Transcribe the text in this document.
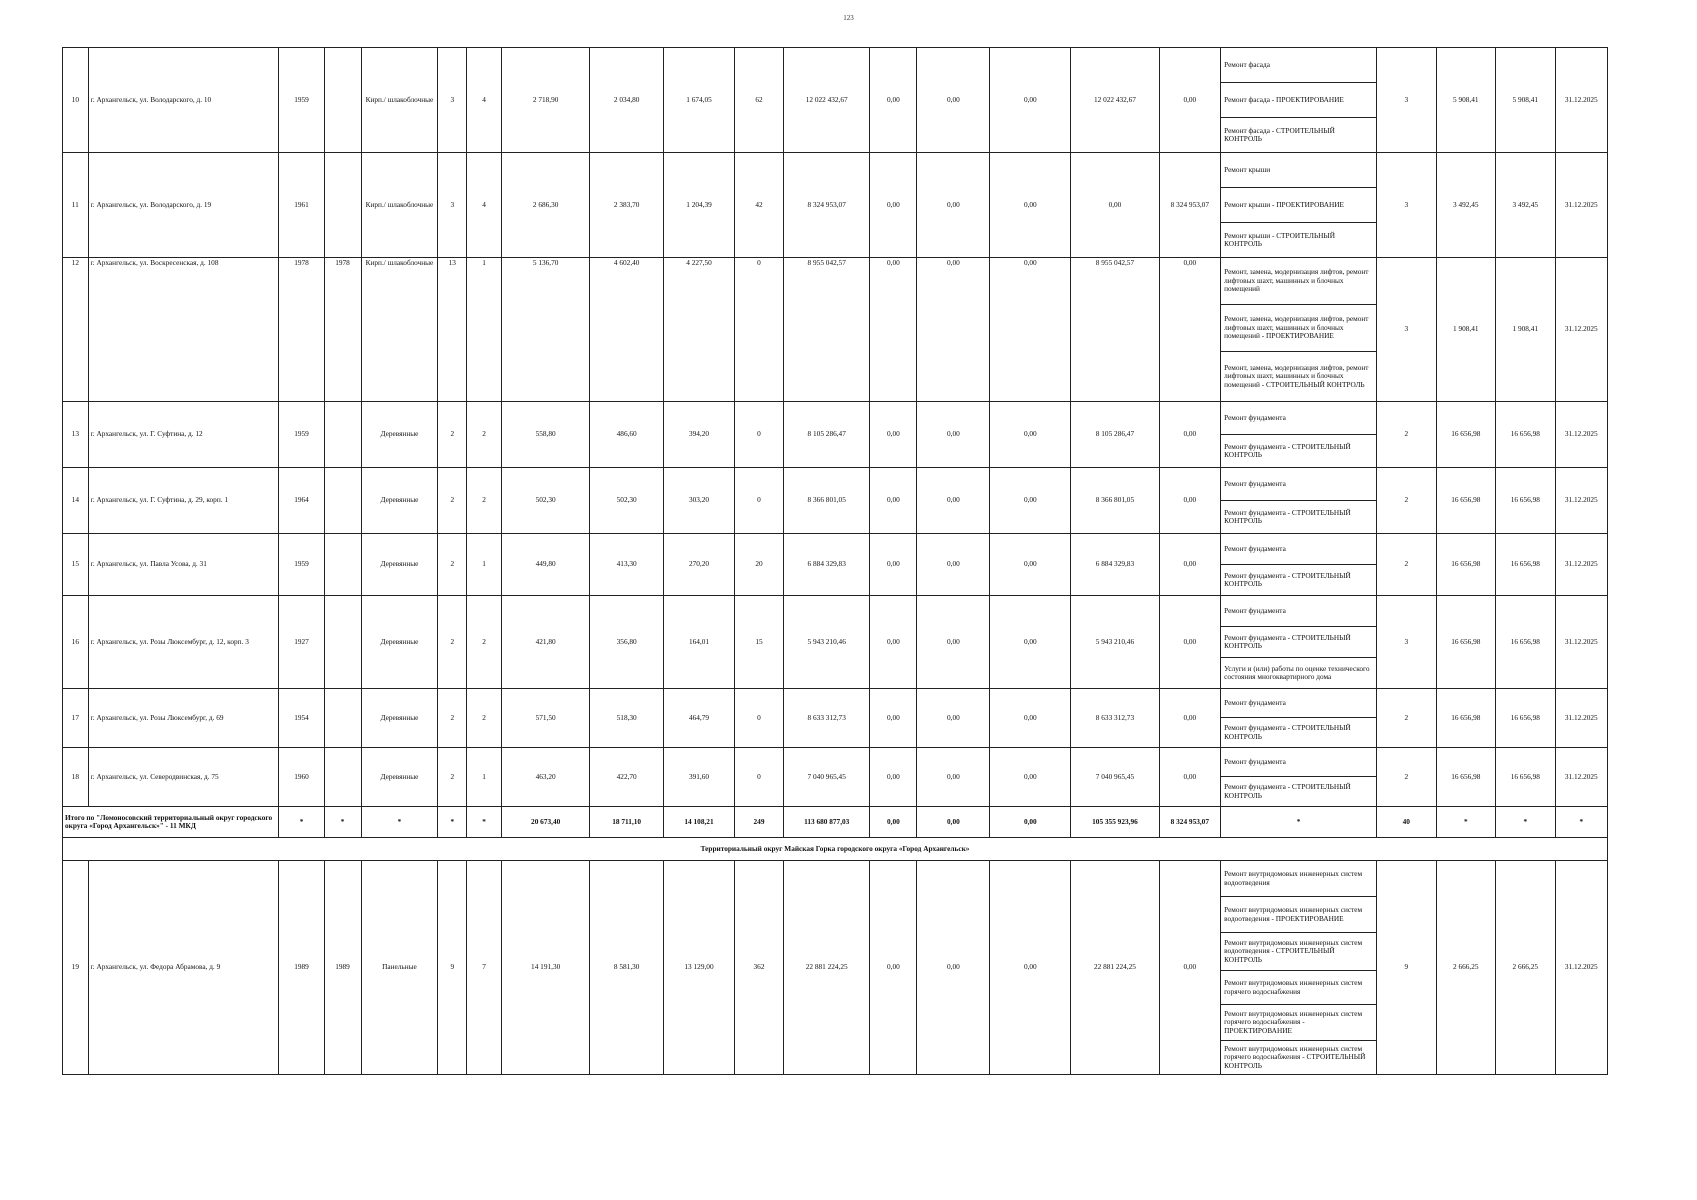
123
10	г. Архангельск, ул. Володарского, д. 10	1959		Кирп./ шлакоблочные	3	4	2 718,90	2 034,80	1 674,05	62	12 022 432,67	0,00	0,00	0,00	12 022 432,67	0,00	Ремонт фасада	3	5 908,41	5 908,41	31.12.2025
																	Ремонт фасада - ПРОЕКТИРОВАНИЕ				
																	Ремонт фасада - СТРОИТЕЛЬНЫЙ КОНТРОЛЬ				
11	г. Архангельск, ул. Володарского, д. 19	1961		Кирп./ шлакоблочные	3	4	2 686,30	2 383,70	1 204,39	42	8 324 953,07	0,00	0,00	0,00	0,00	8 324 953,07	Ремонт крыши	3	3 492,45	3 492,45	31.12.2025
																	Ремонт крыши - ПРОЕКТИРОВАНИЕ				
																	Ремонт крыши - СТРОИТЕЛЬНЫЙ КОНТРОЛЬ				
12	г. Архангельск, ул. Воскресенская, д. 108	1978	1978	Кирп./ шлакоблочные	13	1	5 136,70	4 602,40	4 227,50	0	8 955 042,57	0,00	0,00	0,00	8 955 042,57	0,00	Ремонт, замена, модернизация лифтов, ремонт лифтовых шахт, машинных и блочных помещений	3	1 908,41	1 908,41	31.12.2025
																	Ремонт, замена, модернизация лифтов, ремонт лифтовых шахт, машинных и блочных помещений - ПРОЕКТИРОВАНИЕ				
																	Ремонт, замена, модернизация лифтов, ремонт лифтовых шахт, машинных и блочных помещений - СТРОИТЕЛЬНЫЙ КОНТРОЛЬ				
13	г. Архангельск, ул. Г. Суфтина, д. 12	1959		Деревянные	2	2	558,80	486,60	394,20	0	8 105 286,47	0,00	0,00	0,00	8 105 286,47	0,00	Ремонт фундамента	2	16 656,98	16 656,98	31.12.2025
																	Ремонт фундамента - СТРОИТЕЛЬНЫЙ КОНТРОЛЬ				
14	г. Архангельск, ул. Г. Суфтина, д. 29, корп. 1	1964		Деревянные	2	2	502,30	502,30	303,20	0	8 366 801,05	0,00	0,00	0,00	8 366 801,05	0,00	Ремонт фундамента	2	16 656,98	16 656,98	31.12.2025
																	Ремонт фундамента - СТРОИТЕЛЬНЫЙ КОНТРОЛЬ				
15	г. Архангельск, ул. Павла Усова, д. 31	1959		Деревянные	2	1	449,80	413,30	270,20	20	6 884 329,83	0,00	0,00	0,00	6 884 329,83	0,00	Ремонт фундамента	2	16 656,98	16 656,98	31.12.2025
																	Ремонт фундамента - СТРОИТЕЛЬНЫЙ КОНТРОЛЬ				
16	г. Архангельск, ул. Розы Люксембург, д. 12, корп. 3	1927		Деревянные	2	2	421,80	356,80	164,01	15	5 943 210,46	0,00	0,00	0,00	5 943 210,46	0,00	Ремонт фундамента	3	16 656,98	16 656,98	31.12.2025
																	Ремонт фундамента - СТРОИТЕЛЬНЫЙ КОНТРОЛЬ				
																	Услуги и (или) работы по оценке технического состояния многоквартирного дома				
17	г. Архангельск, ул. Розы Люксембург, д. 69	1954		Деревянные	2	2	571,50	518,30	464,79	0	8 633 312,73	0,00	0,00	0,00	8 633 312,73	0,00	Ремонт фундамента	2	16 656,98	16 656,98	31.12.2025
																	Ремонт фундамента - СТРОИТЕЛЬНЫЙ КОНТРОЛЬ				
18	г. Архангельск, ул. Северодвинская, д. 75	1960		Деревянные	2	1	463,20	422,70	391,60	0	7 040 965,45	0,00	0,00	0,00	7 040 965,45	0,00	Ремонт фундамента	2	16 656,98	16 656,98	31.12.2025
																	Ремонт фундамента - СТРОИТЕЛЬНЫЙ КОНТРОЛЬ				
Итого по "Ломоносовский территориальный округ городского округа «Город Архангельск»" - 11 МКД		*	*	*	*	*	20 673,40	18 711,10	14 108,21	249	113 680 877,03	0,00	0,00	0,00	105 355 923,96	8 324 953,07	*	40	*	*	*
Территориальный округ Майская Горка городского округа «Город Архангельск»																					
19	г. Архангельск, ул. Федора Абрамова, д. 9	1989	1989	Панельные	9	7	14 191,30	8 581,30	13 129,00	362	22 881 224,25	0,00	0,00	0,00	22 881 224,25	0,00	Ремонт внутридомовых инженерных систем водоотведения	9	2 666,25	2 666,25	31.12.2025
																	Ремонт внутридомовых инженерных систем водоотведения - ПРОЕКТИРОВАНИЕ				
																	Ремонт внутридомовых инженерных систем водоотведения - СТРОИТЕЛЬНЫЙ КОНТРОЛЬ				
																	Ремонт внутридомовых инженерных систем горячего водоснабжения				
																	Ремонт внутридомовых инженерных систем горячего водоснабжения - ПРОЕКТИРОВАНИЕ				
																	Ремонт внутридомовых инженерных систем горячего водоснабжения - СТРОИТЕЛЬНЫЙ КОНТРОЛЬ				
